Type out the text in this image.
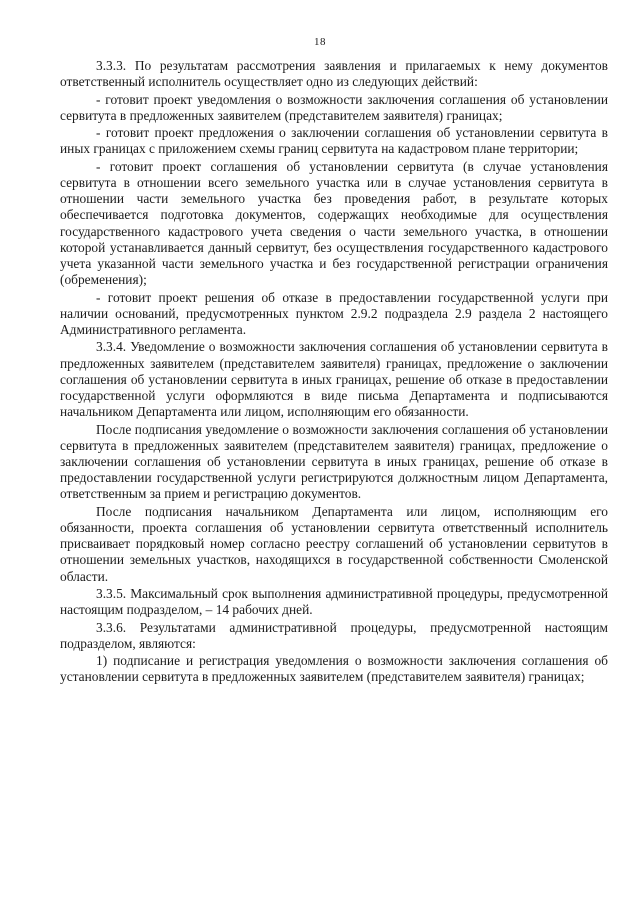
18

3.3.3. По результатам рассмотрения заявления и прилагаемых к нему документов ответственный исполнитель осуществляет одно из следующих действий:

- готовит проект уведомления о возможности заключения соглашения об установлении сервитута в предложенных заявителем (представителем заявителя) границах;

- готовит проект предложения о заключении соглашения об установлении сервитута в иных границах с приложением схемы границ сервитута на кадастровом плане территории;

- готовит проект соглашения об установлении сервитута (в случае установления сервитута в отношении всего земельного участка или в случае установления сервитута в отношении части земельного участка без проведения работ, в результате которых обеспечивается подготовка документов, содержащих необходимые для осуществления государственного кадастрового учета сведения о части земельного участка, в отношении которой устанавливается данный сервитут, без осуществления государственного кадастрового учета указанной части земельного участка и без государственной регистрации ограничения (обременения);

- готовит проект решения об отказе в предоставлении государственной услуги при наличии оснований, предусмотренных пунктом 2.9.2 подраздела 2.9 раздела 2 настоящего Административного регламента.

3.3.4. Уведомление о возможности заключения соглашения об установлении сервитута в предложенных заявителем (представителем заявителя) границах, предложение о заключении соглашения об установлении сервитута в иных границах, решение об отказе в предоставлении государственной услуги оформляются в виде письма Департамента и подписываются начальником Департамента или лицом, исполняющим его обязанности.

После подписания уведомление о возможности заключения соглашения об установлении сервитута в предложенных заявителем (представителем заявителя) границах, предложение о заключении соглашения об установлении сервитута в иных границах, решение об отказе в предоставлении государственной услуги регистрируются должностным лицом Департамента, ответственным за прием и регистрацию документов.

После подписания начальником Департамента или лицом, исполняющим его обязанности, проекта соглашения об установлении сервитута ответственный исполнитель присваивает порядковый номер согласно реестру соглашений об установлении сервитутов в отношении земельных участков, находящихся в государственной собственности Смоленской области.

3.3.5. Максимальный срок выполнения административной процедуры, предусмотренной настоящим подразделом, – 14 рабочих дней.

3.3.6. Результатами административной процедуры, предусмотренной настоящим подразделом, являются:

1) подписание и регистрация уведомления о возможности заключения соглашения об установлении сервитута в предложенных заявителем (представителем заявителя) границах;
